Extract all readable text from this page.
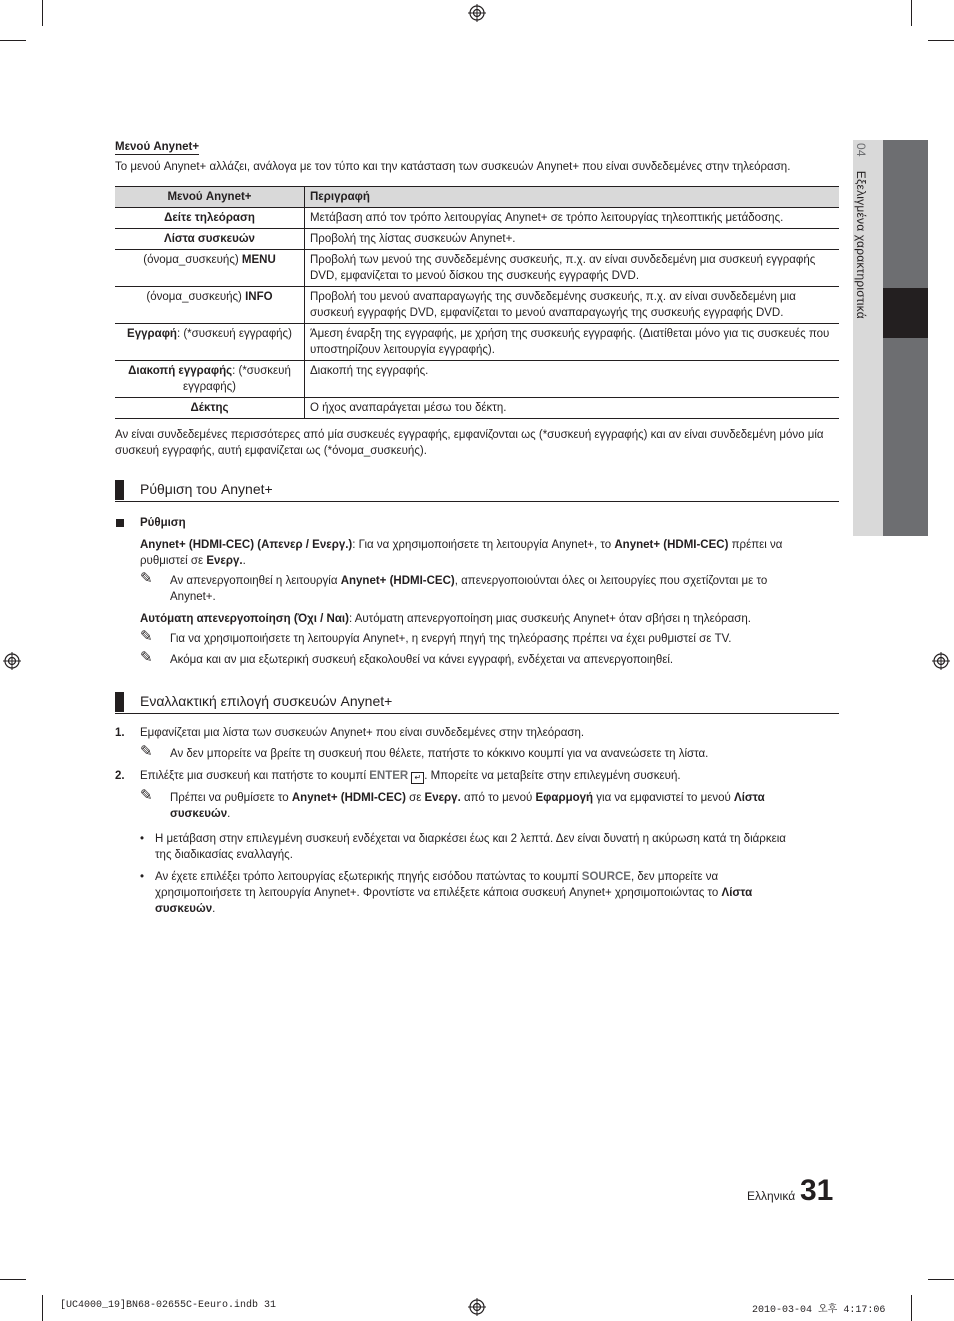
04Εξελιγμένα χαρακτηριστικά
Μενού Anynet+
Το μενού Anynet+ αλλάζει, ανάλογα με τον τύπο και την κατάσταση των συσκευών Anynet+ που είναι συνδεδεμένες στην τηλεόραση.
Μενού Anynet+	Περιγραφή
Δείτε τηλεόραση	Μετάβαση από τον τρόπο λειτουργίας Anynet+ σε τρόπο λειτουργίας τηλεοπτικής μετάδοσης.
Λίστα συσκευών	Προβολή της λίστας συσκευών Anynet+.
(όνομα_συσκευής) MENU	Προβολή των μενού της συνδεδεμένης συσκευής, π.χ. αν είναι συνδεδεμένη μια συσκευή εγγραφής DVD, εμφανίζεται το μενού δίσκου της συσκευής εγγραφής DVD.
(όνομα_συσκευής) INFO	Προβολή του μενού αναπαραγωγής της συνδεδεμένης συσκευής, π.χ. αν είναι συνδεδεμένη μια συσκευή εγγραφής DVD, εμφανίζεται το μενού αναπαραγωγής της συσκευής εγγραφής DVD.
Εγγραφή: (*συσκευή εγγραφής)	Άμεση έναρξη της εγγραφής, με χρήση της συσκευής εγγραφής. (Διατίθεται μόνο για τις συσκευές που υποστηρίζουν λειτουργία εγγραφής).
Διακοπή εγγραφής: (*συσκευή εγγραφής)	Διακοπή της εγγραφής.
Δέκτης	Ο ήχος αναπαράγεται μέσω του δέκτη.
Αν είναι συνδεδεμένες περισσότερες από μία συσκευές εγγραφής, εμφανίζονται ως (*συσκευή εγγραφής) και αν είναι συνδεδεμένη μόνο μία συσκευή εγγραφής, αυτή εμφανίζεται ως (*όνομα_συσκευής).
Ρύθμιση του Anynet+
Ρύθμιση
Anynet+ (HDMI-CEC) (Απενερ / Ενεργ.): Για να χρησιμοποιήσετε τη λειτουργία Anynet+, το Anynet+ (HDMI-CEC) πρέπει να
ρυθμιστεί σε Ενεργ..
✎ Αν απενεργοποιηθεί η λειτουργία Anynet+ (HDMI-CEC), απενεργοποιούνται όλες οι λειτουργίες που σχετίζονται με το
Anynet+.
Αυτόματη απενεργοποίηση (Όχι / Ναι): Αυτόματη απενεργοποίηση μιας συσκευής Anynet+ όταν σβήσει η τηλεόραση.
✎ Για να χρησιμοποιήσετε τη λειτουργία Anynet+, η ενεργή πηγή της τηλεόρασης πρέπει να έχει ρυθμιστεί σε TV.
✎ Ακόμα και αν μια εξωτερική συσκευή εξακολουθεί να κάνει εγγραφή, ενδέχεται να απενεργοποιηθεί.
Εναλλακτική επιλογή συσκευών Anynet+
1. Εμφανίζεται μια λίστα των συσκευών Anynet+ που είναι συνδεδεμένες στην τηλεόραση.
✎ Αν δεν μπορείτε να βρείτε τη συσκευή που θέλετε, πατήστε το κόκκινο κουμπί για να ανανεώσετε τη λίστα.
2. Επιλέξτε μια συσκευή και πατήστε το κουμπί ENTER ↵ . Μπορείτε να μεταβείτε στην επιλεγμένη συσκευή.
✎ Πρέπει να ρυθμίσετε το Anynet+ (HDMI-CEC) σε Ενεργ. από το μενού Εφαρμογή για να εμφανιστεί το μενού Λίστα
συσκευών.
• Η μετάβαση στην επιλεγμένη συσκευή ενδέχεται να διαρκέσει έως και 2 λεπτά. Δεν είναι δυνατή η ακύρωση κατά τη διάρκεια
της διαδικασίας εναλλαγής.
• Αν έχετε επιλέξει τρόπο λειτουργίας εξωτερικής πηγής εισόδου πατώντας το κουμπί SOURCE, δεν μπορείτε να
χρησιμοποιήσετε τη λειτουργία Anynet+. Φροντίστε να επιλέξετε κάποια συσκευή Anynet+ χρησιμοποιώντας το Λίστα
συσκευών.
Ελληνικά 31
[UC4000_19]BN68-02655C-Eeuro.indb 31	2010-03-04 오후 4:17:06
